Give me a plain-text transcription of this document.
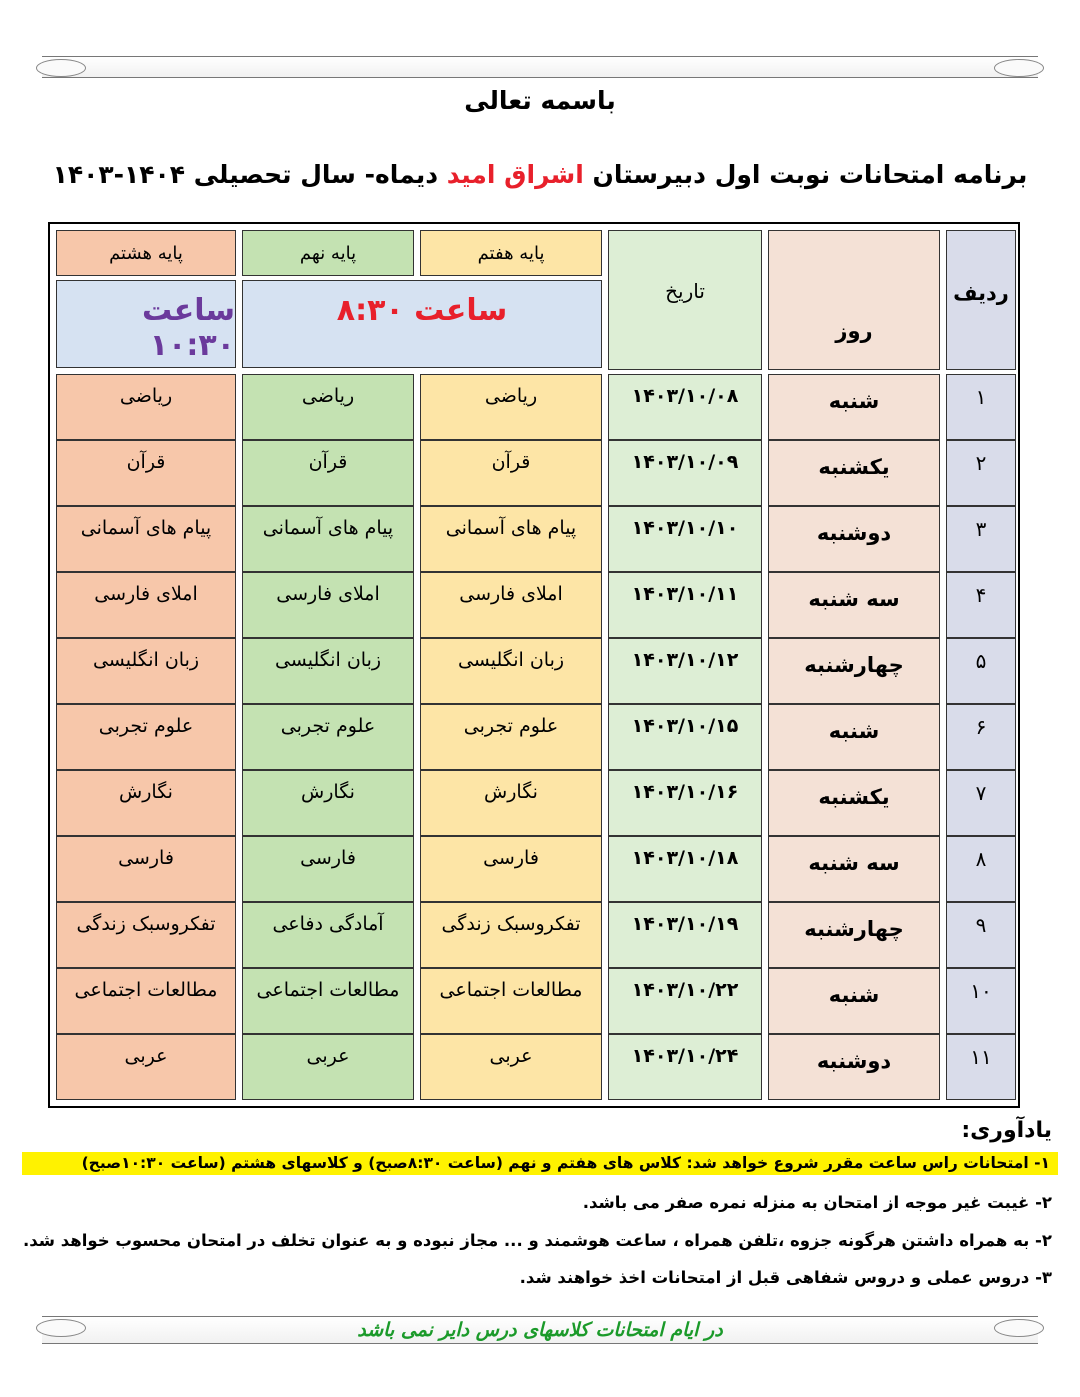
باسمه تعالی
برنامه امتحانات نوبت اول دبیرستان اشراق امید دیماه- سال تحصیلی ۱۴۰۴-۱۴۰۳
ردیف
روز
تاریخ
پایه هفتم
پایه نهم
پایه هشتم
ساعت ۸:۳۰
ساعت ۱۰:۳۰
۱
شنبه
۱۴۰۳/۱۰/۰۸
ریاضی
ریاضی
ریاضی
۲
یکشنبه
۱۴۰۳/۱۰/۰۹
قرآن
قرآن
قرآن
۳
دوشنبه
۱۴۰۳/۱۰/۱۰
پیام های آسمانی
پیام های آسمانی
پیام های آسمانی
۴
سه شنبه
۱۴۰۳/۱۰/۱۱
املای فارسی
املای فارسی
املای فارسی
۵
چهارشنبه
۱۴۰۳/۱۰/۱۲
زبان انگلیسی
زبان انگلیسی
زبان انگلیسی
۶
شنبه
۱۴۰۳/۱۰/۱۵
علوم تجربی
علوم تجربی
علوم تجربی
۷
یکشنبه
۱۴۰۳/۱۰/۱۶
نگارش
نگارش
نگارش
۸
سه شنبه
۱۴۰۳/۱۰/۱۸
فارسی
فارسی
فارسی
۹
چهارشنبه
۱۴۰۳/۱۰/۱۹
تفکروسبک زندگی
آمادگی دفاعی
تفکروسبک زندگی
۱۰
شنبه
۱۴۰۳/۱۰/۲۲
مطالعات اجتماعی
مطالعات اجتماعی
مطالعات اجتماعی
۱۱
دوشنبه
۱۴۰۳/۱۰/۲۴
عربی
عربی
عربی
یادآوری:
۱- امتحانات راس ساعت مقرر شروع خواهد شد: کلاس های هفتم و نهم (ساعت ۸:۳۰صبح) و کلاسهای هشتم (ساعت ۱۰:۳۰صبح)
۲- غیبت غیر موجه از امتحان به منزله نمره صفر می باشد.
۲- به همراه داشتن هرگونه جزوه ،تلفن همراه ، ساعت هوشمند و ... مجاز نبوده و به عنوان تخلف در امتحان محسوب خواهد شد.
۳- دروس عملی و دروس شفاهی قبل از امتحانات اخذ خواهند شد.
در ایام امتحانات کلاسهای درس دایر نمی باشد
